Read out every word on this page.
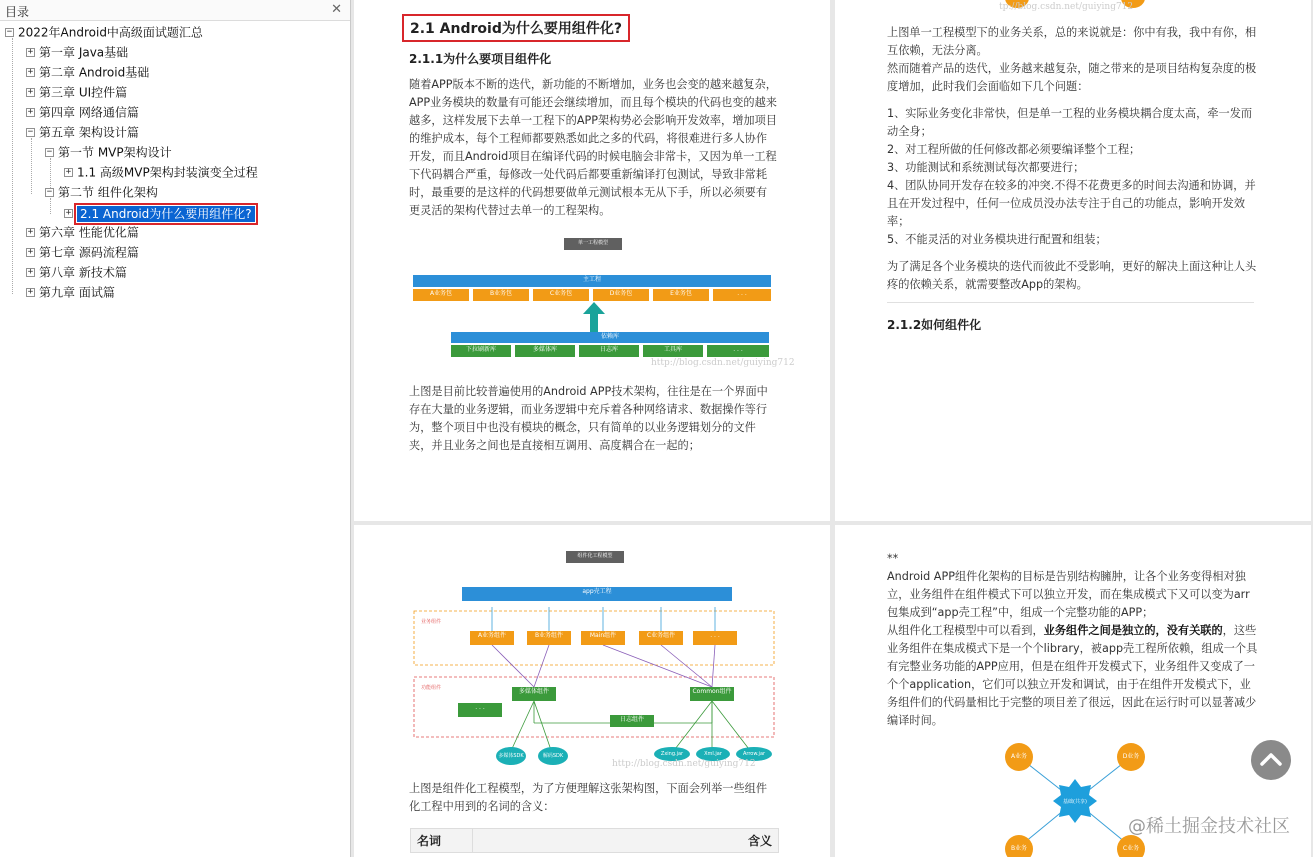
目录	✕
− 2022年Android中高级面试题汇总
+ 第一章 Java基础
+ 第二章 Android基础
+ 第三章 UI控件篇
+ 第四章 网络通信篇
− 第五章 架构设计篇
− 第一节 MVP架构设计
+ 1.1 高级MVP架构封装演变全过程
− 第二节 组件化架构
+ 2.1 Android为什么要用组件化?
+ 第六章 性能优化篇
+ 第七章 源码流程篇
+ 第八章 新技术篇
+ 第九章 面试篇
2.1 Android为什么要用组件化?
2.1.1为什么要项目组件化
随着APP版本不断的迭代，新功能的不断增加，业务也会变的越来越复杂，APP业务模块的数量有可能还会继续增加，而且每个模块的代码也变的越来越多，这样发展下去单一工程下的APP架构势必会影响开发效率，增加项目的维护成本，每个工程师都要熟悉如此之多的代码，将很难进行多人协作开发，而且Android项目在编译代码的时候电脑会非常卡，又因为单一工程下代码耦合严重，每修改一处代码后都要重新编译打包测试，导致非常耗时，最重要的是这样的代码想要做单元测试根本无从下手，所以必须要有更灵活的架构代替过去单一的工程架构。
单一工程模型
主工程
A业务包	B业务包	C业务包	D业务包	E业务包	. . .
依赖库
下拉刷新库	多媒体库	日志库	工具库	. . .
http://blog.csdn.net/guiying712
上图是目前比较普遍使用的Android APP技术架构，往往是在一个界面中存在大量的业务逻辑，而业务逻辑中充斥着各种网络请求、数据操作等行为，整个项目中也没有模块的概念，只有简单的以业务逻辑划分的文件夹，并且业务之间也是直接相互调用、高度耦合在一起的；
tp://blog.csdn.net/guiying712
上图单一工程模型下的业务关系，总的来说就是：你中有我，我中有你，相互依赖，无法分离。
然而随着产品的迭代，业务越来越复杂，随之带来的是项目结构复杂度的极度增加，此时我们会面临如下几个问题：
1、实际业务变化非常快，但是单一工程的业务模块耦合度太高，牵一发而动全身；
2、对工程所做的任何修改都必须要编译整个工程；
3、功能测试和系统测试每次都要进行；
4、团队协同开发存在较多的冲突.不得不花费更多的时间去沟通和协调，并且在开发过程中，任何一位成员没办法专注于自己的功能点，影响开发效率；
5、不能灵活的对业务模块进行配置和组装；
为了满足各个业务模块的迭代而彼此不受影响，更好的解决上面这种让人头疼的依赖关系，就需要整改App的架构。
2.1.2如何组件化
组件化工程模型
app壳工程
业务组件
A业务组件	B业务组件	Main组件	C业务组件	. . .
功能组件	多媒体组件	Common组件
. . .
日志组件
多媒体SDK	解码SDK	Zxing.jar	Xml.jar	Arrow.jar
http://blog.csdn.net/guiying712
上图是组件化工程模型，为了方便理解这张架构图，下面会列举一些组件化工程中用到的名词的含义：
名词	含义
**
Android APP组件化架构的目标是告别结构臃肿，让各个业务变得相对独立，业务组件在组件模式下可以独立开发，而在集成模式下又可以变为arr包集成到“app壳工程”中，组成一个完整功能的APP；
从组件化工程模型中可以看到，业务组件之间是独立的，没有关联的，这些业务组件在集成模式下是一个个library，被app壳工程所依赖，组成一个具有完整业务功能的APP应用，但是在组件开发模式下，业务组件又变成了一个个application，它们可以独立开发和调试，由于在组件开发模式下，业务组件们的代码量相比于完整的项目差了很远，因此在运行时可以显著减少编译时间。
基础(共享)
A业务	D业务
B业务	C业务
@稀土掘金技术社区
